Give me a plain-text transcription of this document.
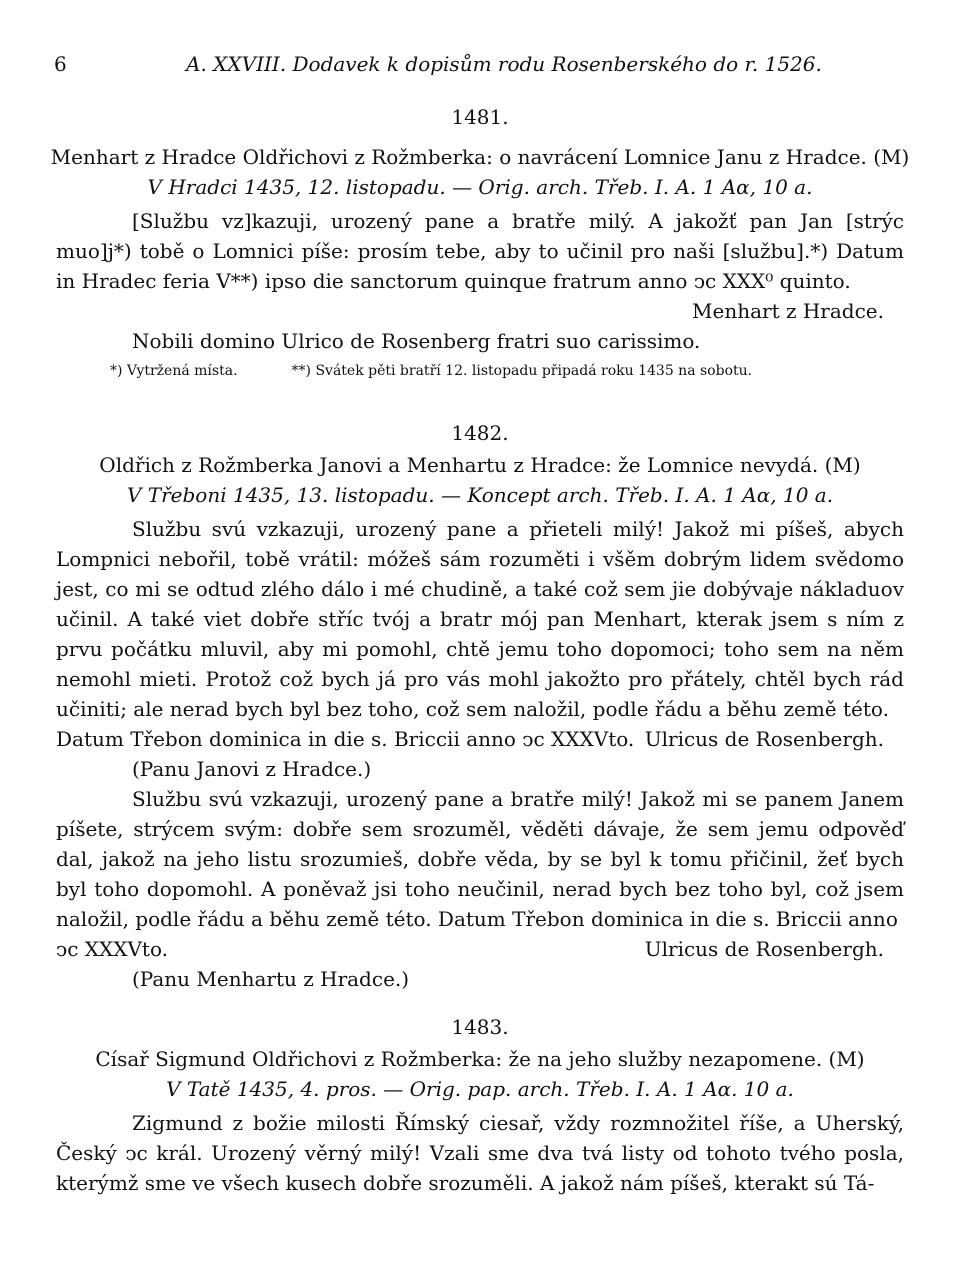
6	A. XXVIII. Dodavek k dopisům rodu Rosenberského do r. 1526.
1481.
Menhart z Hradce Oldřichovi z Rožmberka: o navrácení Lomnice Janu z Hradce. (M)
V Hradci 1435, 12. listopadu. — Orig. arch. Třeb. I. A. 1 Aα, 10 a.

[Službu vz]kazuji, urozený pane a bratře milý. A jakožť pan Jan [strýc muo]j*) tobě o Lomnici píše: prosím tebe, aby to učinil pro naši [službu].*) Datum in Hradec feria V**) ipso die sanctorum quinque fratrum anno ↄc XXX⁰ quinto.

Menhart z Hradce.
Nobili domino Ulrico de Rosenberg fratri suo carissimo.
*) Vytržená místa.	**) Svátek pěti bratří 12. listopadu připadá roku 1435 na sobotu.
1482.
Oldřich z Rožmberka Janovi a Menhartu z Hradce: že Lomnice nevydá. (M)
V Třeboni 1435, 13. listopadu. — Koncept arch. Třeb. I. A. 1 Aα, 10 a.

Službu svú vzkazuji, urozený pane a přieteli milý! Jakož mi píšeš, abych Lompnici nebořil, tobě vrátil: móžeš sám rozuměti i všěm dobrým lidem svědomo jest, co mi se odtud zlého dálo i mé chudině, a také což sem jie dobývaje nákladuov učinil. A také viet dobře stříc tvój a bratr mój pan Menhart, kterak jsem s ním z prvu počátku mluvil, aby mi pomohl, chtě jemu toho dopomoci; toho sem na něm nemohl mieti. Protož což bych já pro vás mohl jakožto pro přátely, chtěl bych rád učiniti; ale nerad bych byl bez toho, což sem naložil, podle řádu a běhu země této.

Datum Třebon dominica in die s. Briccii anno ↄc XXXVto. Ulricus de Rosenbergh.
(Panu Janovi z Hradce.)

Službu svú vzkazuji, urozený pane a bratře milý! Jakož mi se panem Janem píšete, strýcem svým: dobře sem srozuměl, věděti dávaje, že sem jemu odpověď dal, jakož na jeho listu srozumieš, dobře věda, by se byl k tomu přičinil, žeť bych byl toho dopomohl. A poněvaž jsi toho neučinil, nerad bych bez toho byl, což jsem naložil, podle řádu a běhu země této. Datum Třebon dominica in die s. Briccii anno

ↄc XXXVto.	Ulricus de Rosenbergh.
(Panu Menhartu z Hradce.)
1483.
Císař Sigmund Oldřichovi z Rožmberka: že na jeho služby nezapomene. (M)
V Tatě 1435, 4. pros. — Orig. pap. arch. Třeb. I. A. 1 Aα. 10 a.

Zigmund z božie milosti Římský ciesař, vždy rozmnožitel říše, a Uherský, Český ↄc král. Urozený věrný milý! Vzali sme dva tvá listy od tohoto tvého posla, kterýmž sme ve všech kusech dobře srozuměli. A jakož nám píšeš, kterakt sú Tá-
